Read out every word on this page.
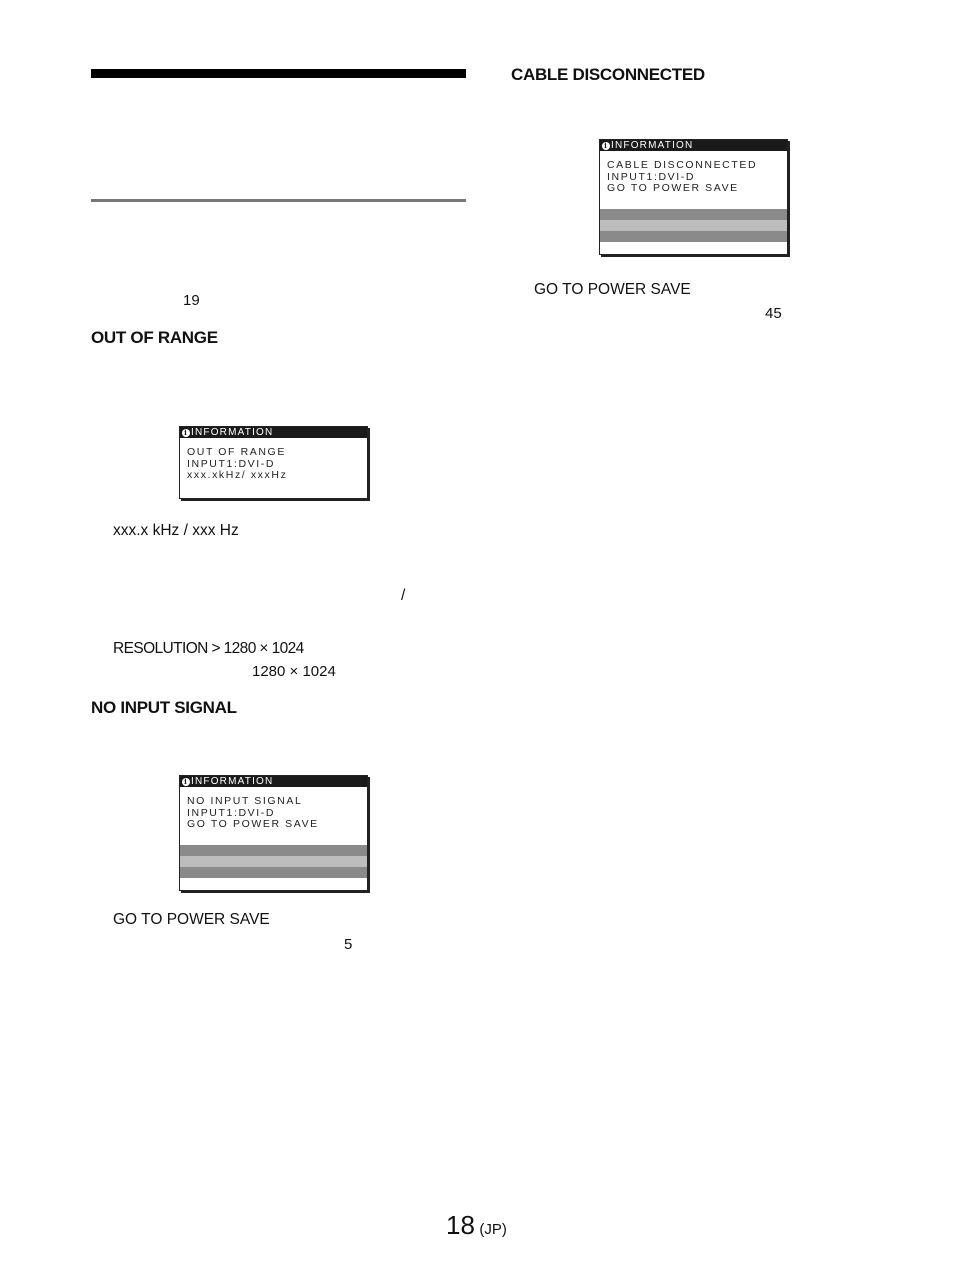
19
OUT OF RANGE
i INFORMATION
OUT OF RANGE
INPUT1:DVI-D
xxx.xkHz/ xxxHz
xxx.x kHz / xxx Hz
/
RESOLUTION > 1280 × 1024
1280 × 1024
NO INPUT SIGNAL
i INFORMATION
NO INPUT SIGNAL
INPUT1:DVI-D
GO TO POWER SAVE
GO TO POWER SAVE
5
CABLE DISCONNECTED
i INFORMATION
CABLE DISCONNECTED
INPUT1:DVI-D
GO TO POWER SAVE
GO TO POWER SAVE
45
18 (JP)
